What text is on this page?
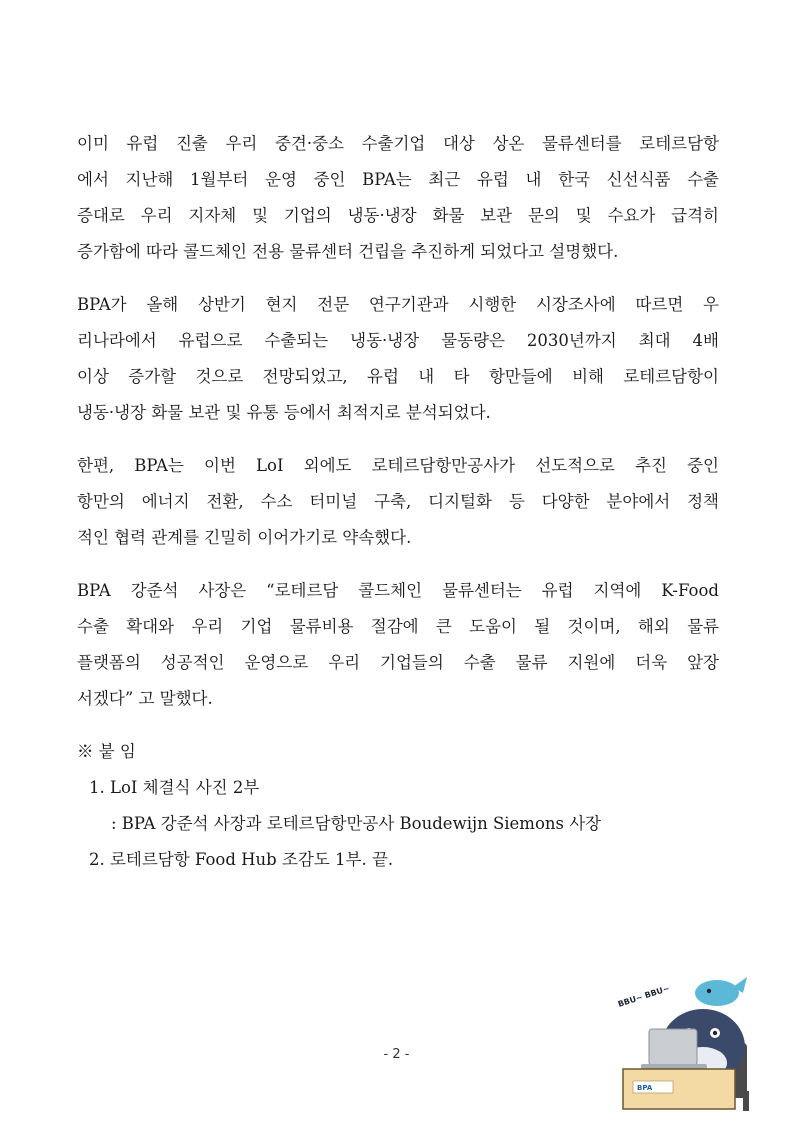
이미 유럽 진출 우리 중견·중소 수출기업 대상 상온 물류센터를 로테르담항
에서 지난해 1월부터 운영 중인 BPA는 최근 유럽 내 한국 신선식품 수출
증대로 우리 지자체 및 기업의 냉동·냉장 화물 보관 문의 및 수요가 급격히
증가함에 따라 콜드체인 전용 물류센터 건립을 추진하게 되었다고 설명했다.
BPA가 올해 상반기 현지 전문 연구기관과 시행한 시장조사에 따르면 우
리나라에서 유럽으로 수출되는 냉동·냉장 물동량은 2030년까지 최대 4배
이상 증가할 것으로 전망되었고, 유럽 내 타 항만들에 비해 로테르담항이
냉동·냉장 화물 보관 및 유통 등에서 최적지로 분석되었다.
한편, BPA는 이번 LoI 외에도 로테르담항만공사가 선도적으로 추진 중인
항만의 에너지 전환, 수소 터미널 구축, 디지털화 등 다양한 분야에서 정책
적인 협력 관계를 긴밀히 이어가기로 약속했다.
BPA 강준석 사장은 “로테르담 콜드체인 물류센터는 유럽 지역에 K-Food
수출 확대와 우리 기업 물류비용 절감에 큰 도움이 될 것이며, 해외 물류
플랫폼의 성공적인 운영으로 우리 기업들의 수출 물류 지원에 더욱 앞장
서겠다” 고 말했다.
※ 붙 임
1. LoI 체결식 사진 2부
: BPA 강준석 사장과 로테르담항만공사 Boudewijn Siemons 사장
2. 로테르담항 Food Hub 조감도 1부. 끝.
- 2 -
BBU~ BBU~
BPA
